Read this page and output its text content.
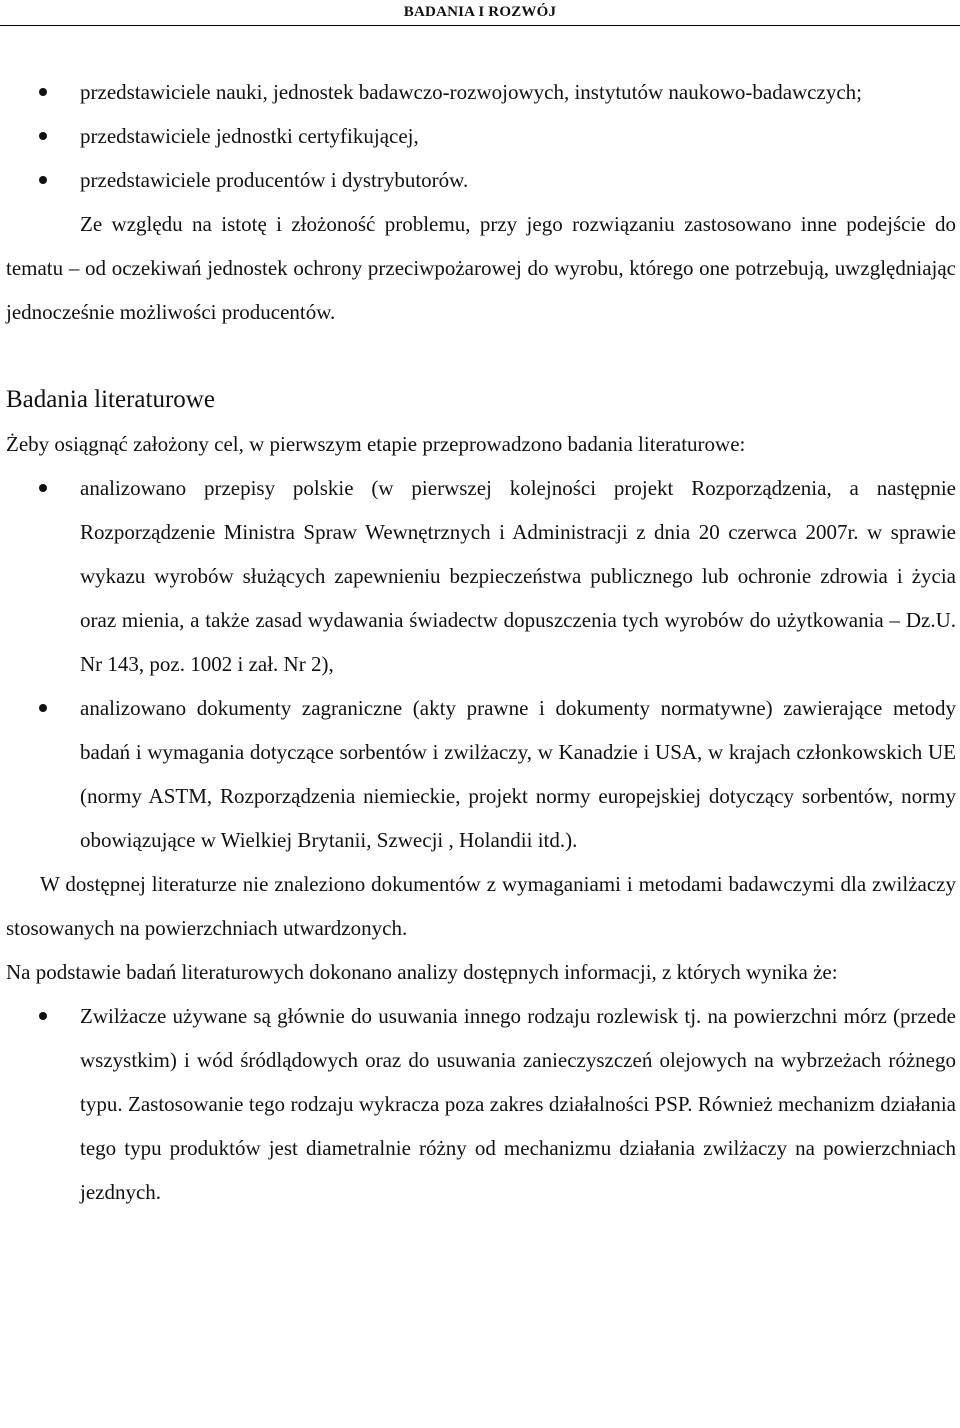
BADANIA I ROZWÓJ
przedstawiciele nauki, jednostek badawczo-rozwojowych, instytutów naukowo-badawczych;
przedstawiciele jednostki certyfikującej,
przedstawiciele producentów i dystrybutorów.

Ze względu na istotę i złożoność problemu, przy jego rozwiązaniu zastosowano inne podejście do tematu – od oczekiwań jednostek ochrony przeciwpożarowej do wyrobu, którego one potrzebują, uwzględniając jednocześnie możliwości producentów.

Badania literaturowe

Żeby osiągnąć założony cel, w pierwszym etapie przeprowadzono badania literaturowe:

analizowano przepisy polskie (w pierwszej kolejności projekt Rozporządzenia, a następnie Rozporządzenie Ministra Spraw Wewnętrznych i Administracji z dnia 20 czerwca 2007r. w sprawie wykazu wyrobów służących zapewnieniu bezpieczeństwa publicznego lub ochronie zdrowia i życia oraz mienia, a także zasad wydawania świadectw dopuszczenia tych wyrobów do użytkowania – Dz.U. Nr 143, poz. 1002 i zał. Nr 2),
analizowano dokumenty zagraniczne (akty prawne i dokumenty normatywne) zawierające metody badań i wymagania dotyczące sorbentów i zwilżaczy, w Kanadzie i USA, w krajach członkowskich UE (normy ASTM, Rozporządzenia niemieckie, projekt normy europejskiej dotyczący sorbentów, normy obowiązujące w Wielkiej Brytanii, Szwecji , Holandii itd.).

W dostępnej literaturze nie znaleziono dokumentów z wymaganiami i metodami badawczymi dla zwilżaczy stosowanych na powierzchniach utwardzonych.

Na podstawie badań literaturowych dokonano analizy dostępnych informacji, z których wynika że:

Zwilżacze używane są głównie do usuwania innego rodzaju rozlewisk tj. na powierzchni mórz (przede wszystkim) i wód śródlądowych oraz do usuwania zanieczyszczeń olejowych na wybrzeżach różnego typu. Zastosowanie tego rodzaju wykracza poza zakres działalności PSP. Również mechanizm działania tego typu produktów jest diametralnie różny od mechanizmu działania zwilżaczy na powierzchniach jezdnych.
